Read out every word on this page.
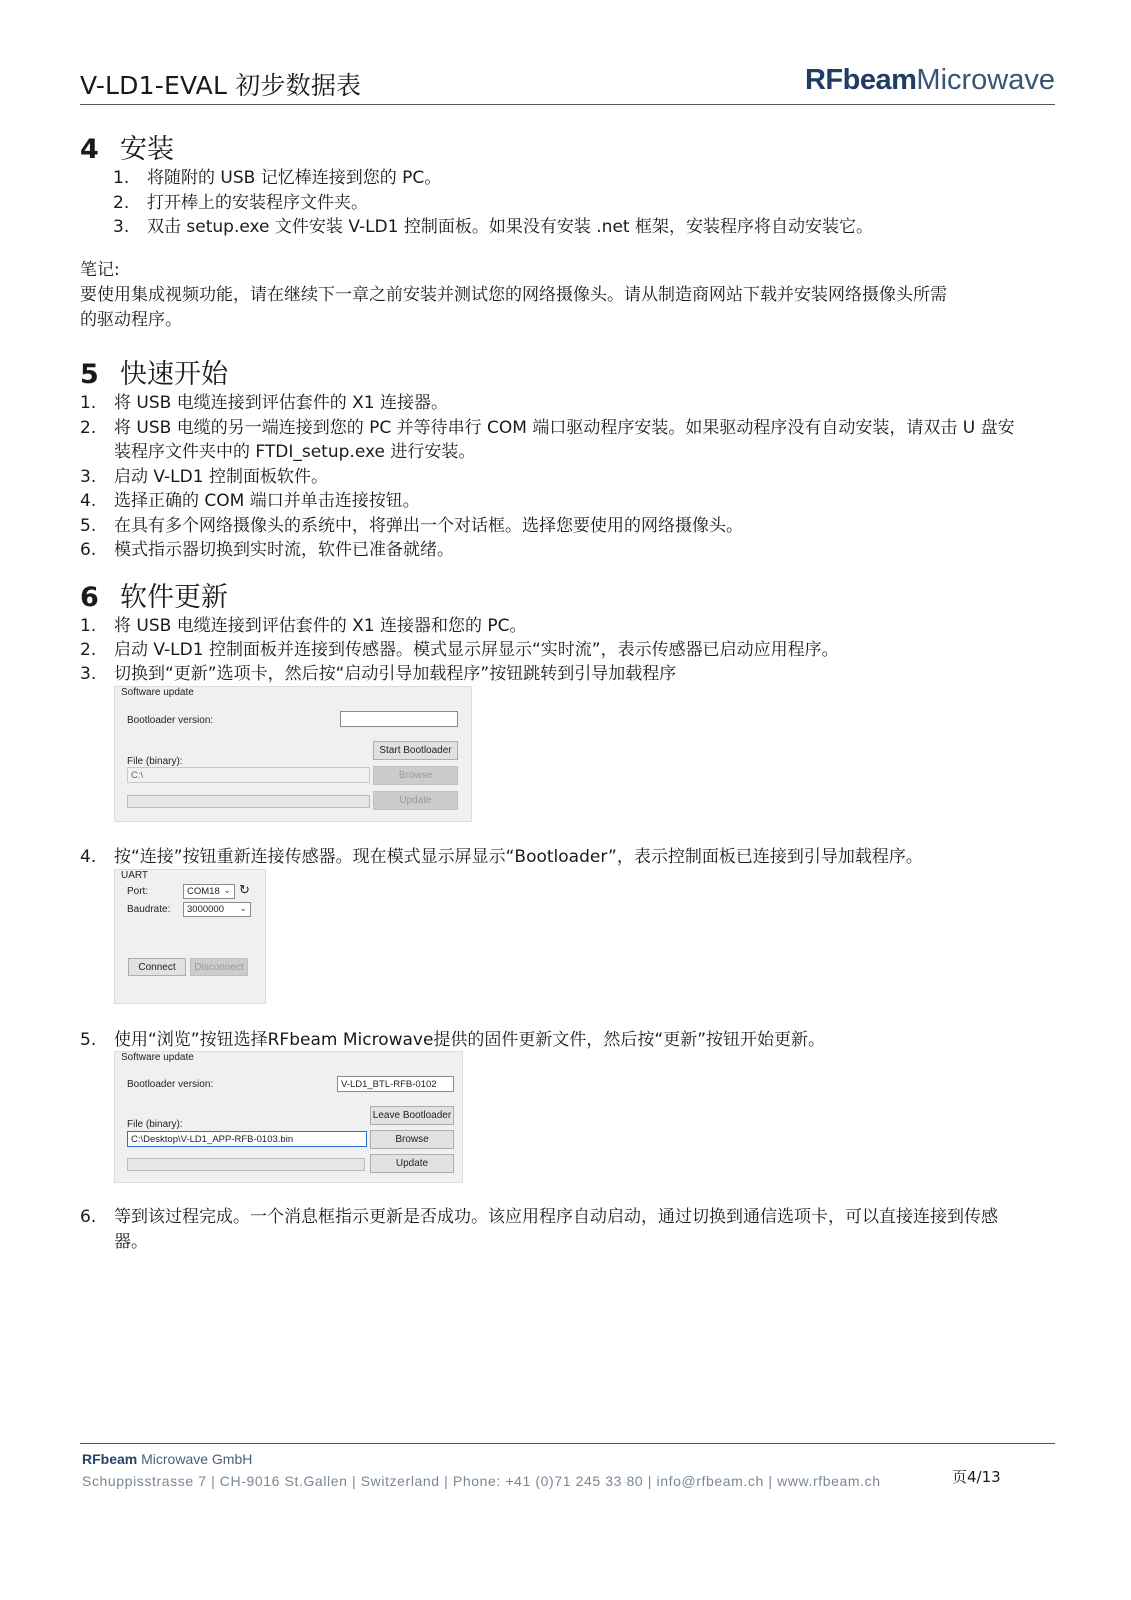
V-LD1-EVAL 初步数据表	RFbeamMicrowave
4 安装
1.	将随附的 USB 记忆棒连接到您的 PC。
2.	打开棒上的安装程序文件夹。
3.	双击 setup.exe 文件安装 V-LD1 控制面板。如果没有安装 .net 框架，安装程序将自动安装它。
笔记:
要使用集成视频功能，请在继续下一章之前安装并测试您的网络摄像头。请从制造商网站下载并安装网络摄像头所需的驱动程序。
5 快速开始
1.	将 USB 电缆连接到评估套件的 X1 连接器。
2.	将 USB 电缆的另一端连接到您的 PC 并等待串行 COM 端口驱动程序安装。如果驱动程序没有自动安装，请双击 U 盘安装程序文件夹中的 FTDI_setup.exe 进行安装。
3.	启动 V-LD1 控制面板软件。
4.	选择正确的 COM 端口并单击连接按钮。
5.	在具有多个网络摄像头的系统中，将弹出一个对话框。选择您要使用的网络摄像头。
6.	模式指示器切换到实时流，软件已准备就绪。
6 软件更新
1.	将 USB 电缆连接到评估套件的 X1 连接器和您的 PC。
2.	启动 V-LD1 控制面板并连接到传感器。模式显示屏显示“实时流”，表示传感器已启动应用程序。
3.	切换到“更新”选项卡，然后按“启动引导加载程序”按钮跳转到引导加载程序
Software update
Bootloader version:
Start Bootloader
File (binary):
C:\	Browse
Update
4.	按“连接”按钮重新连接传感器。现在模式显示屏显示“Bootloader”，表示控制面板已连接到引导加载程序。
UART
Port:	COM18 ⌄ ↻
Baudrate:	3000000 ⌄
Connect	Disconnect
5.	使用“浏览”按钮选择RFbeam Microwave提供的固件更新文件，然后按“更新”按钮开始更新。
Software update
Bootloader version:	V-LD1_BTL-RFB-0102
Leave Bootloader
File (binary):
C:\Desktop\V-LD1_APP-RFB-0103.bin	Browse
Update
6.	等到该过程完成。一个消息框指示更新是否成功。该应用程序自动启动，通过切换到通信选项卡，可以直接连接到传感器。
RFbeam Microwave GmbH
Schuppisstrasse 7 | CH-9016 St.Gallen | Switzerland | Phone: +41 (0)71 245 33 80 | info@rfbeam.ch | www.rfbeam.ch	页4/13
